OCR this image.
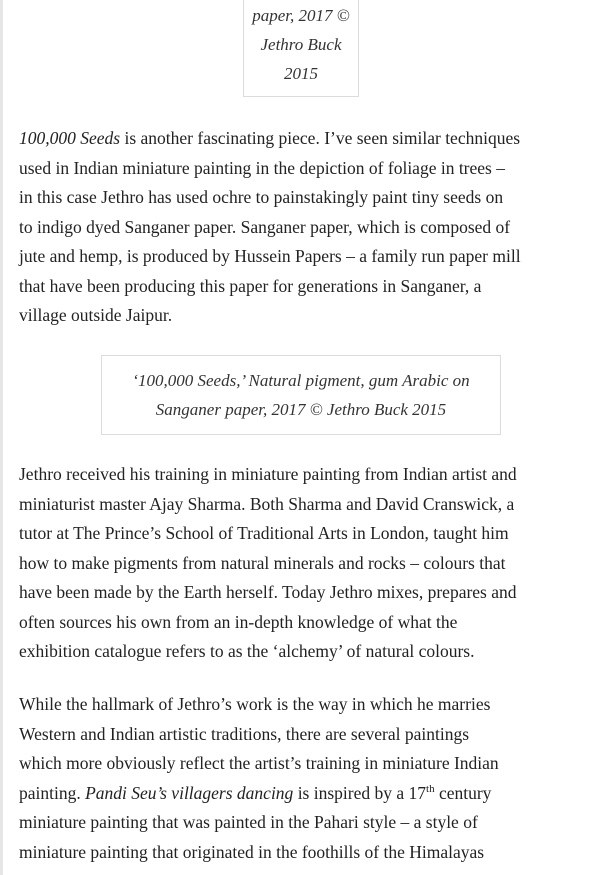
paper, 2017 ©
Jethro Buck
2015

100,000 Seeds is another fascinating piece. I’ve seen similar techniques
used in Indian miniature painting in the depiction of foliage in trees –
in this case Jethro has used ochre to painstakingly paint tiny seeds on
to indigo dyed Sanganer paper. Sanganer paper, which is composed of
jute and hemp, is produced by Hussein Papers – a family run paper mill
that have been producing this paper for generations in Sanganer, a
village outside Jaipur.

‘100,000 Seeds,’ Natural pigment, gum Arabic on
Sanganer paper, 2017 © Jethro Buck 2015

Jethro received his training in miniature painting from Indian artist and
miniaturist master Ajay Sharma. Both Sharma and David Cranswick, a
tutor at The Prince’s School of Traditional Arts in London, taught him
how to make pigments from natural minerals and rocks – colours that
have been made by the Earth herself. Today Jethro mixes, prepares and
often sources his own from an in-depth knowledge of what the
exhibition catalogue refers to as the ‘alchemy’ of natural colours.

While the hallmark of Jethro’s work is the way in which he marries
Western and Indian artistic traditions, there are several paintings
which more obviously reflect the artist’s training in miniature Indian
painting. Pandi Seu’s villagers dancing is inspired by a 17th century
miniature painting that was painted in the Pahari style – a style of
miniature painting that originated in the foothills of the Himalayas
